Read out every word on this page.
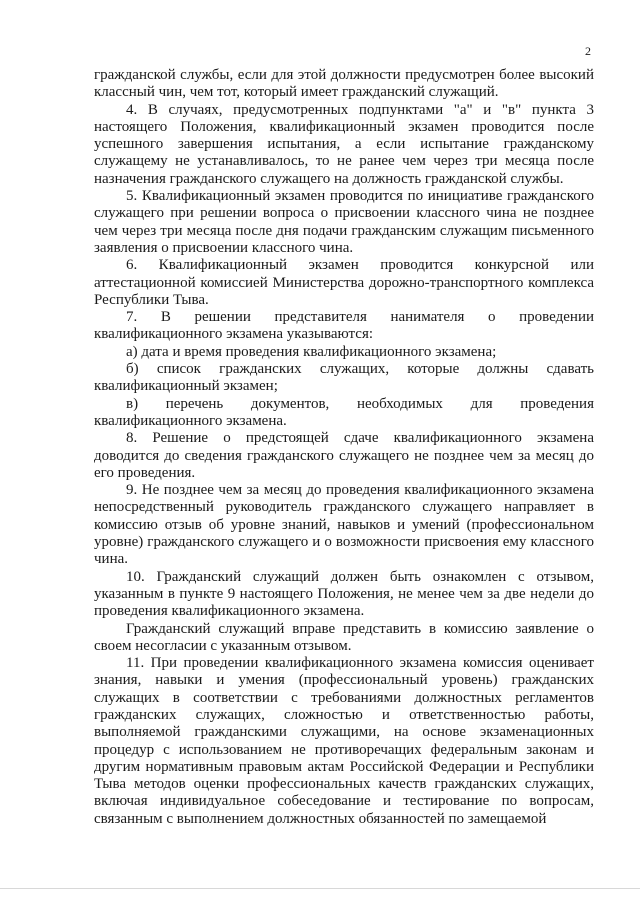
2

гражданской службы, если для этой должности предусмотрен более высокий классный чин, чем тот, который имеет гражданский служащий.

4. В случаях, предусмотренных подпунктами "а" и "в" пункта 3 настоящего Положения, квалификационный экзамен проводится после успешного завершения испытания, а если испытание гражданскому служащему не устанавливалось, то не ранее чем через три месяца после назначения гражданского служащего на должность гражданской службы.

5. Квалификационный экзамен проводится по инициативе гражданского служащего при решении вопроса о присвоении классного чина не позднее чем через три месяца после дня подачи гражданским служащим письменного заявления о присвоении классного чина.

6. Квалификационный экзамен проводится конкурсной или аттестационной комиссией Министерства дорожно-транспортного комплекса Республики Тыва.

7. В решении представителя нанимателя о проведении квалификационного экзамена указываются:

а) дата и время проведения квалификационного экзамена;

б) список гражданских служащих, которые должны сдавать квалификационный экзамен;

в) перечень документов, необходимых для проведения квалификационного экзамена.

8. Решение о предстоящей сдаче квалификационного экзамена доводится до сведения гражданского служащего не позднее чем за месяц до его проведения.

9. Не позднее чем за месяц до проведения квалификационного экзамена непосредственный руководитель гражданского служащего направляет в комиссию отзыв об уровне знаний, навыков и умений (профессиональном уровне) гражданского служащего и о возможности присвоения ему классного чина.

10. Гражданский служащий должен быть ознакомлен с отзывом, указанным в пункте 9 настоящего Положения, не менее чем за две недели до проведения квалификационного экзамена.

Гражданский служащий вправе представить в комиссию заявление о своем несогласии с указанным отзывом.

11. При проведении квалификационного экзамена комиссия оценивает знания, навыки и умения (профессиональный уровень) гражданских служащих в соответствии с требованиями должностных регламентов гражданских служащих, сложностью и ответственностью работы, выполняемой гражданскими служащими, на основе экзаменационных процедур с использованием не противоречащих федеральным законам и другим нормативным правовым актам Российской Федерации и Республики Тыва методов оценки профессиональных качеств гражданских служащих, включая индивидуальное собеседование и тестирование по вопросам, связанным с выполнением должностных обязанностей по замещаемой
